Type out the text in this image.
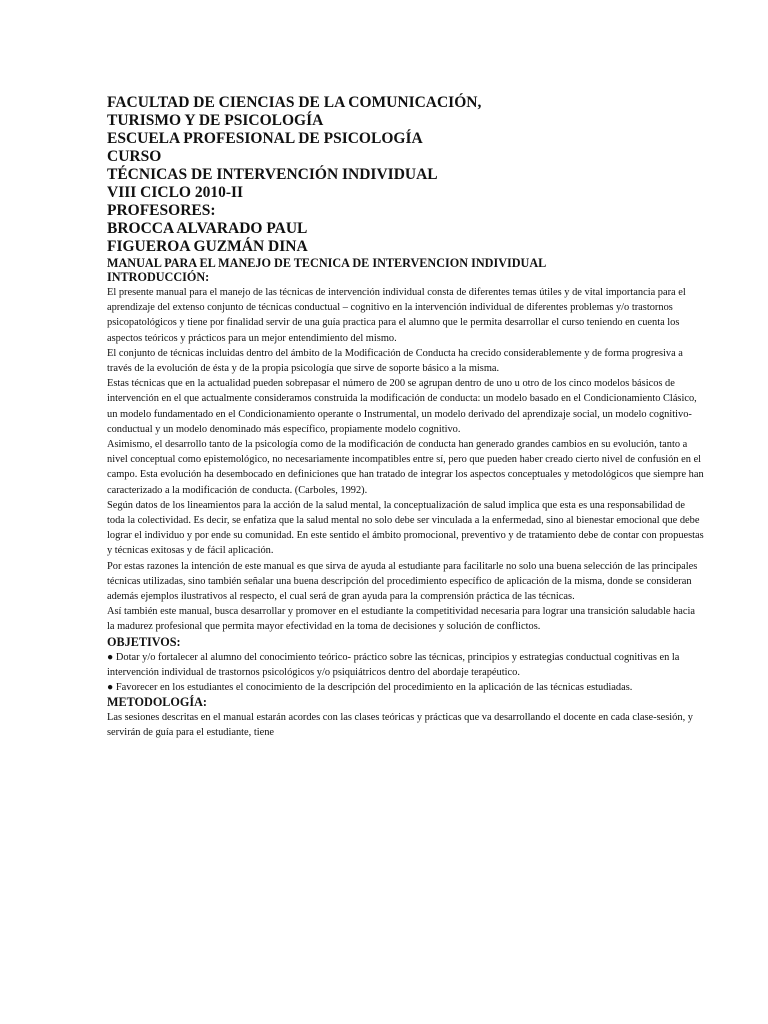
FACULTAD DE CIENCIAS DE LA COMUNICACIÓN,
TURISMO Y DE PSICOLOGÍA
ESCUELA PROFESIONAL DE PSICOLOGÍA
CURSO
TÉCNICAS DE INTERVENCIÓN INDIVIDUAL
VIII CICLO 2010-II
PROFESORES:
BROCCA ALVARADO PAUL
FIGUEROA GUZMÁN DINA
MANUAL PARA EL MANEJO DE TECNICA DE INTERVENCION INDIVIDUAL
INTRODUCCIÓN:

El presente manual para el manejo de las técnicas de intervención individual consta de diferentes temas útiles y de vital importancia para el aprendizaje del extenso conjunto de técnicas conductual – cognitivo en la intervención individual de diferentes problemas y/o trastornos psicopatológicos y tiene por finalidad servir de una guía practica para el alumno que le permita desarrollar el curso teniendo en cuenta los aspectos teóricos y prácticos para un mejor entendimiento del mismo.

El conjunto de técnicas incluidas dentro del ámbito de la Modificación de Conducta ha crecido considerablemente y de forma progresiva a través de la evolución de ésta y de la propia psicología que sirve de soporte básico a la misma.

Estas técnicas que en la actualidad pueden sobrepasar el número de 200 se agrupan dentro de uno u otro de los cinco modelos básicos de intervención en el que actualmente consideramos construida la modificación de conducta: un modelo basado en el Condicionamiento Clásico, un modelo fundamentado en el Condicionamiento operante o Instrumental, un modelo derivado del aprendizaje social, un modelo cognitivo-conductual y un modelo denominado más específico, propiamente modelo cognitivo.

Asimismo, el desarrollo tanto de la psicología como de la modificación de conducta han generado grandes cambios en su evolución, tanto a nivel conceptual como epistemológico, no necesariamente incompatibles entre sí, pero que pueden haber creado cierto nivel de confusión en el campo. Esta evolución ha desembocado en definiciones que han tratado de integrar los aspectos conceptuales y metodológicos que siempre han caracterizado a la modificación de conducta. (Carboles, 1992).

Según datos de los lineamientos para la acción de la salud mental, la conceptualización de salud implica que esta es una responsabilidad de toda la colectividad. Es decir, se enfatiza que la salud mental no solo debe ser vinculada a la enfermedad, sino al bienestar emocional que debe lograr el individuo y por ende su comunidad. En este sentido el ámbito promocional, preventivo y de tratamiento debe de contar con propuestas y técnicas exitosas y de fácil aplicación.

Por estas razones la intención de este manual es que sirva de ayuda al estudiante para facilitarle no solo una buena selección de las principales técnicas utilizadas, sino también señalar una buena descripción del procedimiento específico de aplicación de la misma, donde se consideran además ejemplos ilustrativos al respecto, el cual será de gran ayuda para la comprensión práctica de las técnicas.

Así también este manual, busca desarrollar y promover en el estudiante la competitividad necesaria para lograr una transición saludable hacia la madurez profesional que permita mayor efectividad en la toma de decisiones y solución de conflictos.

OBJETIVOS:

● Dotar y/o fortalecer al alumno del conocimiento teórico- práctico sobre las técnicas, principios y estrategias conductual cognitivas en la intervención individual de trastornos psicológicos y/o psiquiátricos dentro del abordaje terapéutico.

● Favorecer en los estudiantes el conocimiento de la descripción del procedimiento en la aplicación de las técnicas estudiadas.

METODOLOGÍA:

Las sesiones descritas en el manual estarán acordes con las clases teóricas y prácticas que va desarrollando el docente en cada clase-sesión, y servirán de guía para el estudiante, tiene
